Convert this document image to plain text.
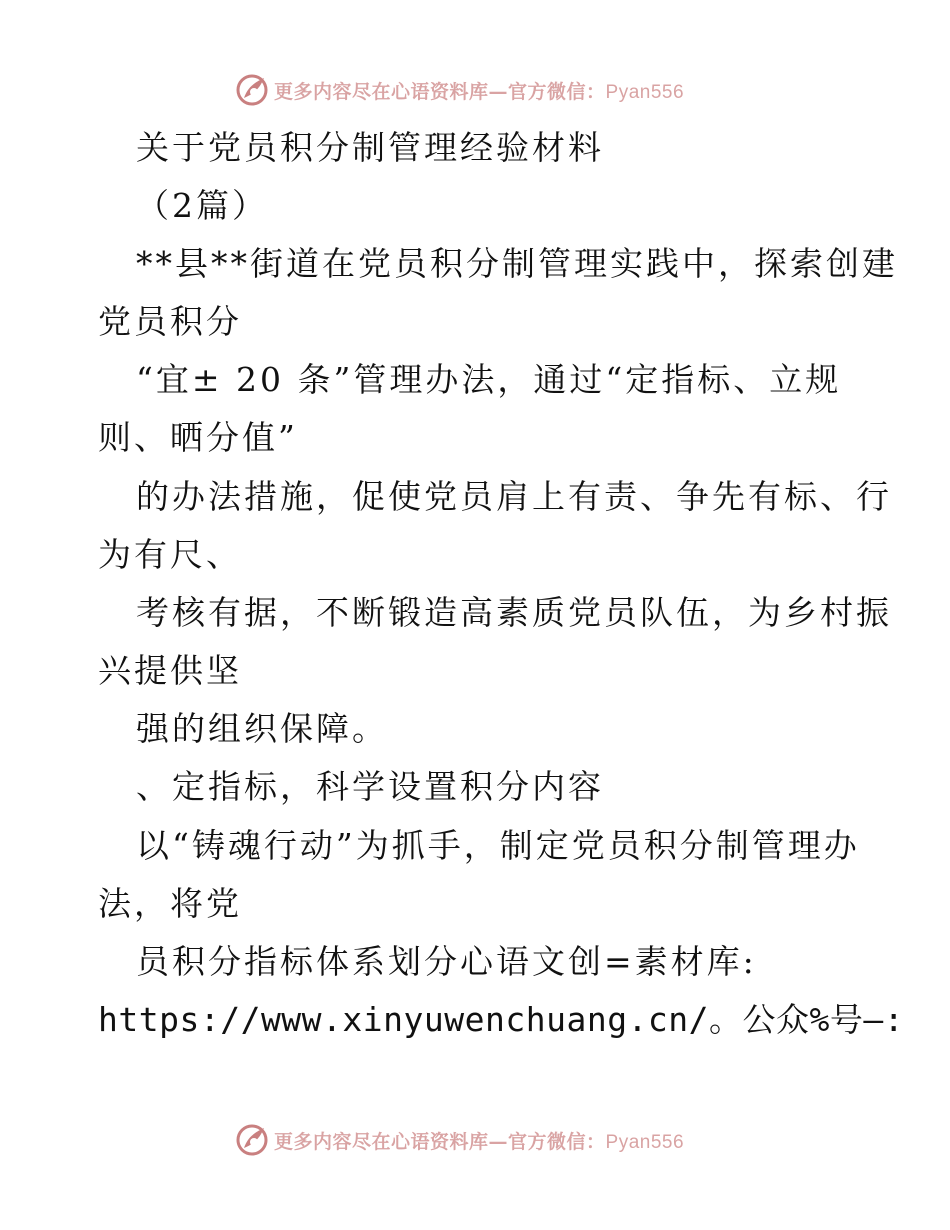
更多内容尽在心语资料库—官方微信：Pyan556
关于党员积分制管理经验材料
（2篇）
**县**街道在党员积分制管理实践中，探索创建
党员积分
“宜± 20 条”管理办法，通过“定指标、立规
则、晒分值”
的办法措施，促使党员肩上有责、争先有标、行
为有尺、
考核有据，不断锻造高素质党员队伍，为乡村振
兴提供坚
强的组织保障。
、定指标，科学设置积分内容
以“铸魂行动”为抓手，制定党员积分制管理办
法，将党
员积分指标体系划分心语文创=素材库:
https://www.xinyuwenchuang.cn/。公众%号—:
更多内容尽在心语资料库—官方微信：Pyan556
